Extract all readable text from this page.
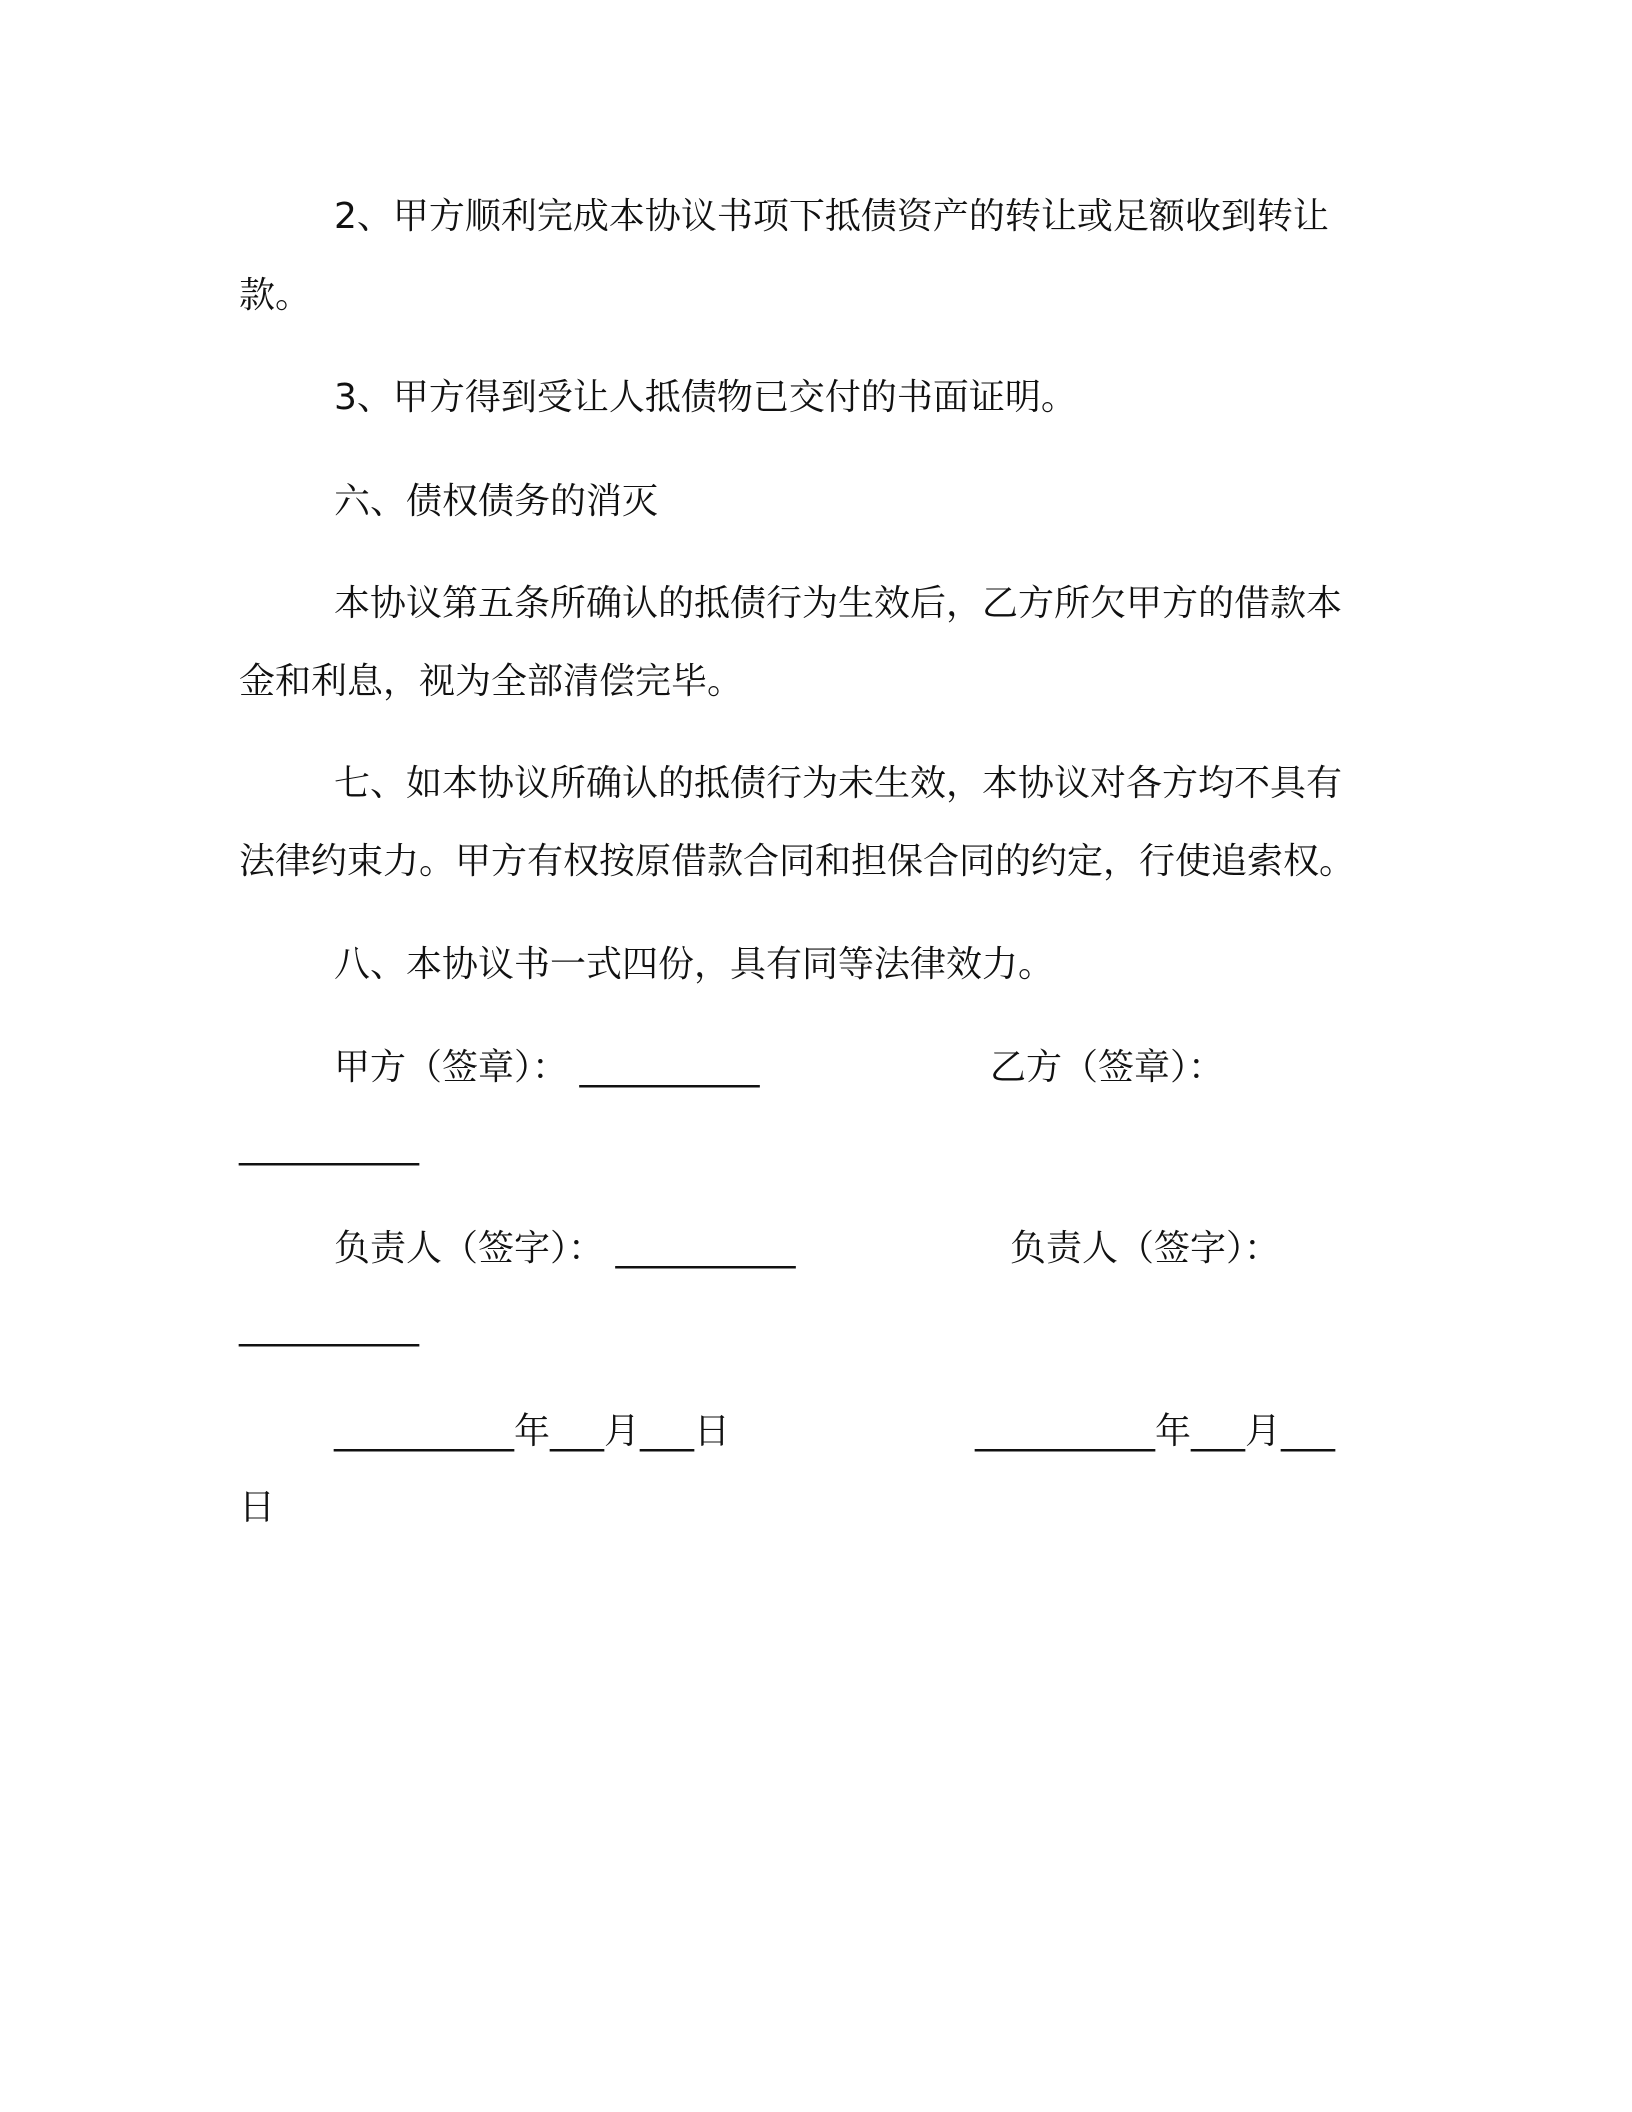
2、甲方顺利完成本协议书项下抵债资产的转让或足额收到转让
款。
3、甲方得到受让人抵债物已交付的书面证明。
六、债权债务的消灭
本协议第五条所确认的抵债行为生效后，乙方所欠甲方的借款本
金和利息，视为全部清偿完毕。
七、如本协议所确认的抵债行为未生效，本协议对各方均不具有
法律约束力。甲方有权按原借款合同和担保合同的约定，行使追索权。
八、本协议书一式四份，具有同等法律效力。
甲方（签章）： __________	乙方（签章）：
__________
负责人（签字）： __________	负责人（签字）：
__________
__________年___月___日	__________年___月___
日
